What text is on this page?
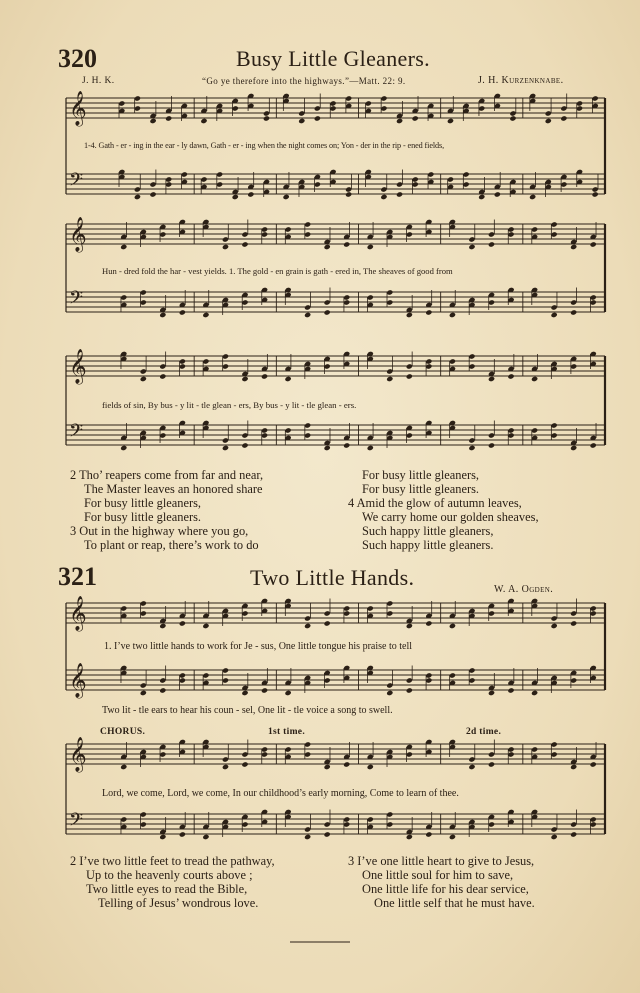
320	Busy Little Gleaners.
J. H. K.	“Go ye therefore into the highways.”—Matt. 22: 9.	J. H. Kurzenknabe.
1-4. Gath - er - ing in the ear - ly dawn, Gath - er - ing when the night comes on; Yon - der in the rip - ened fields,
Hun - dred fold the har - vest yields. 1. The gold - en grain is gath - ered in, The sheaves of good from
fields of sin, By bus - y lit - tle glean - ers, By bus - y lit - tle glean - ers.
2 Tho’ reapers come from far and near,
The Master leaves an honored share
For busy little gleaners,
For busy little gleaners.
3 Out in the highway where you go,
To plant or reap, there’s work to do
For busy little gleaners,
For busy little gleaners.
4 Amid the glow of autumn leaves,
We carry home our golden sheaves,
Such happy little gleaners,
Such happy little gleaners.
321	Two Little Hands.	W. A. Ogden.
1. I’ve two little hands to work for Je - sus, One little tongue his praise to tell
Two lit - tle ears to hear his coun - sel, One lit - tle voice a song to swell.
Lord, we come, Lord, we come, In our childhood’s early morning, Come to learn of thee.
CHORUS.	1st time.	2d time.
2 I’ve two little feet to tread the pathway,
Up to the heavenly courts above ;
Two little eyes to read the Bible,
Telling of Jesus’ wondrous love.
3 I’ve one little heart to give to Jesus,
One little soul for him to save,
One little life for his dear service,
One little self that he must have.
𝄞
𝄢
𝄞
𝄢
𝄞
𝄢
𝄞
𝄞
𝄞
𝄢
